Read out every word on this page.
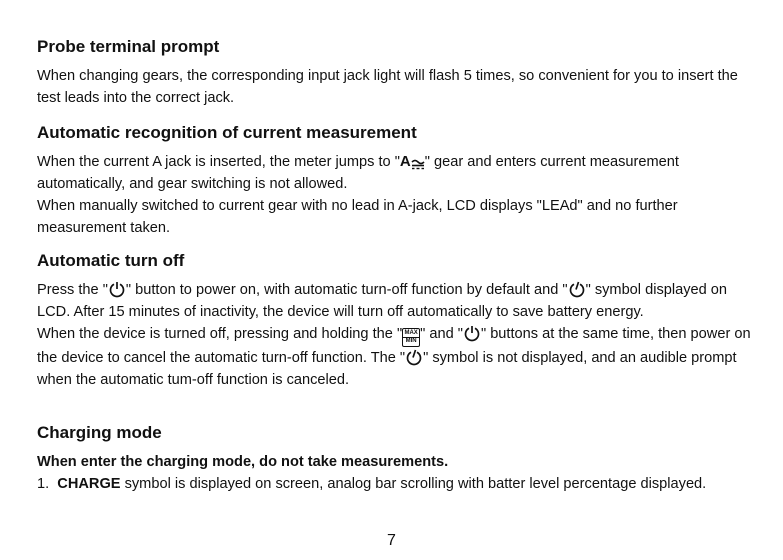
Probe terminal prompt

When changing gears, the corresponding input jack light will flash 5 times, so convenient for you to insert the test leads into the correct jack.

Automatic recognition of current measurement

When the current A jack is inserted, the meter jumps to "A " gear and enters current measurement automatically, and gear switching is not allowed.

When manually switched to current gear with no lead in A-jack, LCD displays "LEAd" and no further measurement taken.

Automatic turn off

Press the " " button to power on, with automatic turn-off function by default and " " symbol displayed on LCD. After 15 minutes of inactivity, the device will turn off automatically to save battery energy.

When the device is turned off, pressing and holding the " MAX
MIN " and " " buttons at the same time, then power on the device to cancel the automatic turn-off function. The " " symbol is not displayed, and an audible prompt when the automatic tum-off function is canceled.

Charging mode

When enter the charging mode, do not take measurements.

1. CHARGE symbol is displayed on screen, analog bar scrolling with batter level percentage displayed.

7
